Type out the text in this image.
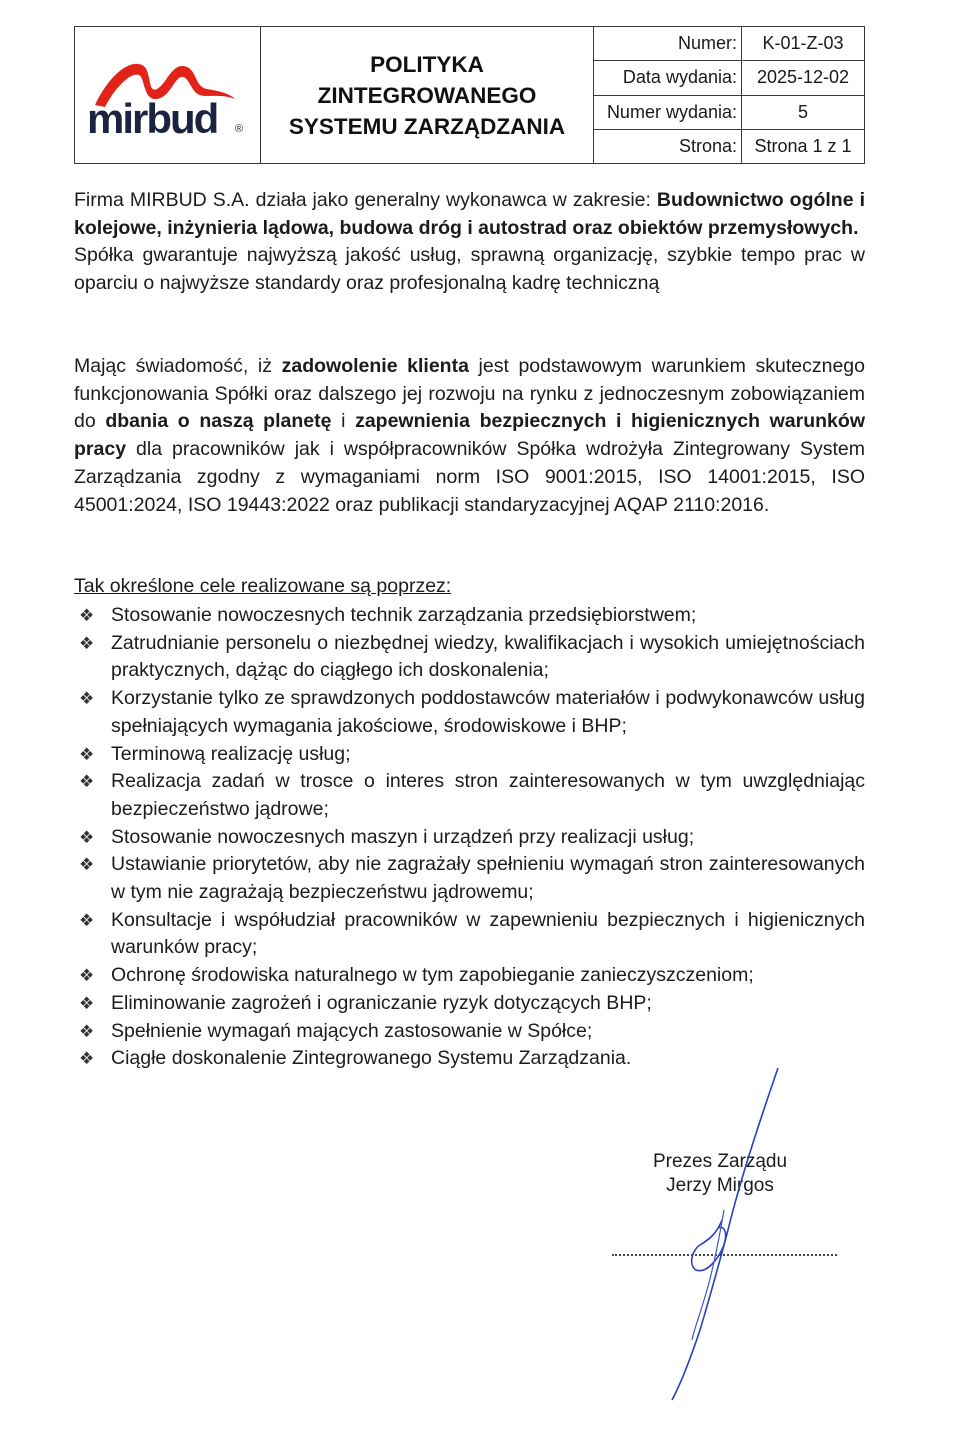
mirbud ®
POLITYKA
ZINTEGROWANEGO
SYSTEMU ZARZĄDZANIA
Numer:	K-01-Z-03
Data wydania:	2025-12-02
Numer wydania:	5
Strona: Strona 1 z 1
Firma MIRBUD S.A. działa jako generalny wykonawca w zakresie: Budownictwo ogólne i kolejowe, inżynieria lądowa, budowa dróg i autostrad oraz obiektów przemysłowych.
Spółka gwarantuje najwyższą jakość usług, sprawną organizację, szybkie tempo prac w oparciu o najwyższe standardy oraz profesjonalną kadrę techniczną
Mając świadomość, iż zadowolenie klienta jest podstawowym warunkiem skutecznego funkcjonowania Spółki oraz dalszego jej rozwoju na rynku z jednoczesnym zobowiązaniem do dbania o naszą planetę i zapewnienia bezpiecznych i higienicznych warunków pracy dla pracowników jak i współpracowników Spółka wdrożyła Zintegrowany System Zarządzania zgodny z wymaganiami norm ISO 9001:2015, ISO 14001:2015, ISO 45001:2024, ISO 19443:2022 oraz publikacji standaryzacyjnej AQAP 2110:2016.
Tak określone cele realizowane są poprzez:
❖ Stosowanie nowoczesnych technik zarządzania przedsiębiorstwem;
❖ Zatrudnianie personelu o niezbędnej wiedzy, kwalifikacjach i wysokich umiejętnościach praktycznych, dążąc do ciągłego ich doskonalenia;
❖ Korzystanie tylko ze sprawdzonych poddostawców materiałów i podwykonawców usług spełniających wymagania jakościowe, środowiskowe i BHP;
❖ Terminową realizację usług;
❖ Realizacja zadań w trosce o interes stron zainteresowanych w tym uwzględniając bezpieczeństwo jądrowe;
❖ Stosowanie nowoczesnych maszyn i urządzeń przy realizacji usług;
❖ Ustawianie priorytetów, aby nie zagrażały spełnieniu wymagań stron zainteresowanych w tym nie zagrażają bezpieczeństwu jądrowemu;
❖ Konsultacje i współudział pracowników w zapewnieniu bezpiecznych i higienicznych warunków pracy;
❖ Ochronę środowiska naturalnego w tym zapobieganie zanieczyszczeniom;
❖ Eliminowanie zagrożeń i ograniczanie ryzyk dotyczących BHP;
❖ Spełnienie wymagań mających zastosowanie w Spółce;
❖ Ciągłe doskonalenie Zintegrowanego Systemu Zarządzania.
Prezes Zarządu
Jerzy Mirgos
